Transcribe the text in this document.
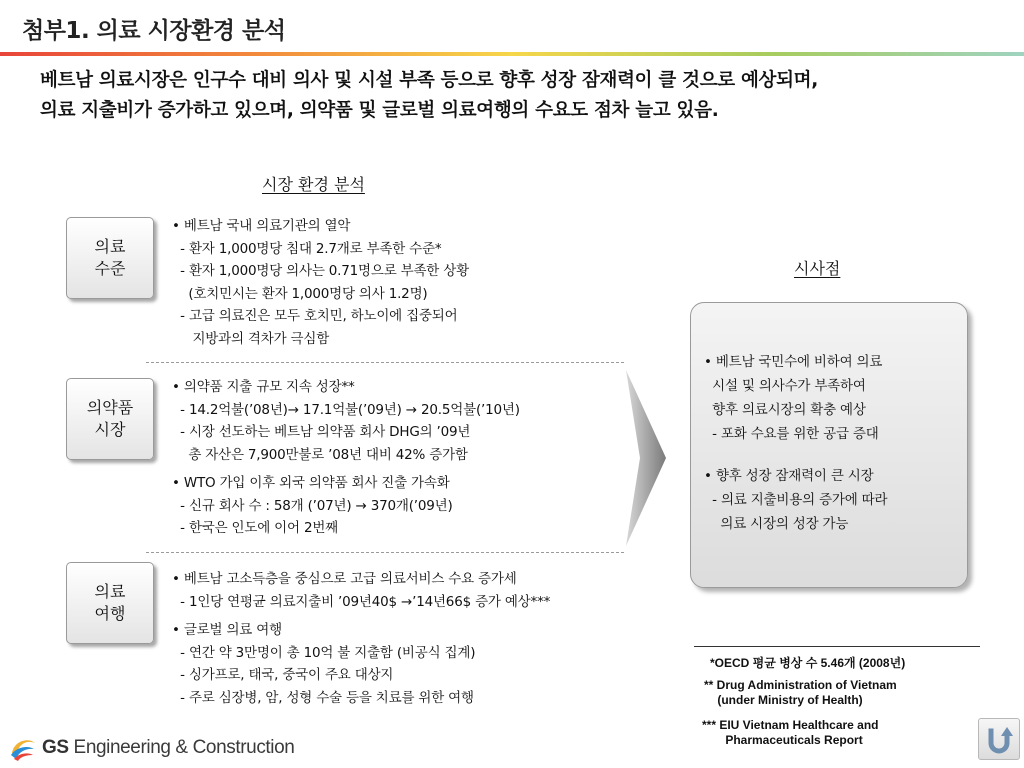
첨부1. 의료 시장환경 분석
베트남 의료시장은 인구수 대비 의사 및 시설 부족 등으로 향후 성장 잠재력이 클 것으로 예상되며,
의료 지출비가 증가하고 있으며, 의약품 및 글로벌 의료여행의 수요도 점차 늘고 있음.
시장 환경 분석
시사점
의료
수준
의약품
시장
의료
여행
• 베트남 국내 의료기관의 열악
- 환자 1,000명당 침대 2.7개로 부족한 수준*
- 환자 1,000명당 의사는 0.71명으로 부족한 상황
(호치민시는 환자 1,000명당 의사 1.2명)
- 고급 의료진은 모두 호치민, 하노이에 집중되어
지방과의 격차가 극심함
• 의약품 지출 규모 지속 성장**
- 14.2억불(’08년)→ 17.1억불(’09년) → 20.5억불(’10년)
- 시장 선도하는 베트남 의약품 회사 DHG의 ’09년
총 자산은 7,900만불로 ’08년 대비 42% 증가함
• WTO 가입 이후 외국 의약품 회사 진출 가속화
- 신규 회사 수 : 58개 (’07년) → 370개(’09년)
- 한국은 인도에 이어 2번째
• 베트남 고소득층을 중심으로 고급 의료서비스 수요 증가세
- 1인당 연평균 의료지출비 ’09년40$ →’14년66$ 증가 예상***
• 글로벌 의료 여행
- 연간 약 3만명이 총 10억 불 지출함 (비공식 집계)
- 싱가프로, 태국, 중국이 주요 대상지
- 주로 심장병, 암, 성형 수술 등을 치료를 위한 여행
• 베트남 국민수에 비하여 의료
시설 및 의사수가 부족하여
향후 의료시장의 확충 예상
- 포화 수요를 위한 공급 증대
• 향후 성장 잠재력이 큰 시장
- 의료 지출비용의 증가에 따라
의료 시장의 성장 가능
*OECD 평균 병상 수 5.46개 (2008년)
** Drug Administration of Vietnam
(under Ministry of Health)
*** EIU Vietnam Healthcare and
Pharmaceuticals Report
GS Engineering & Construction
